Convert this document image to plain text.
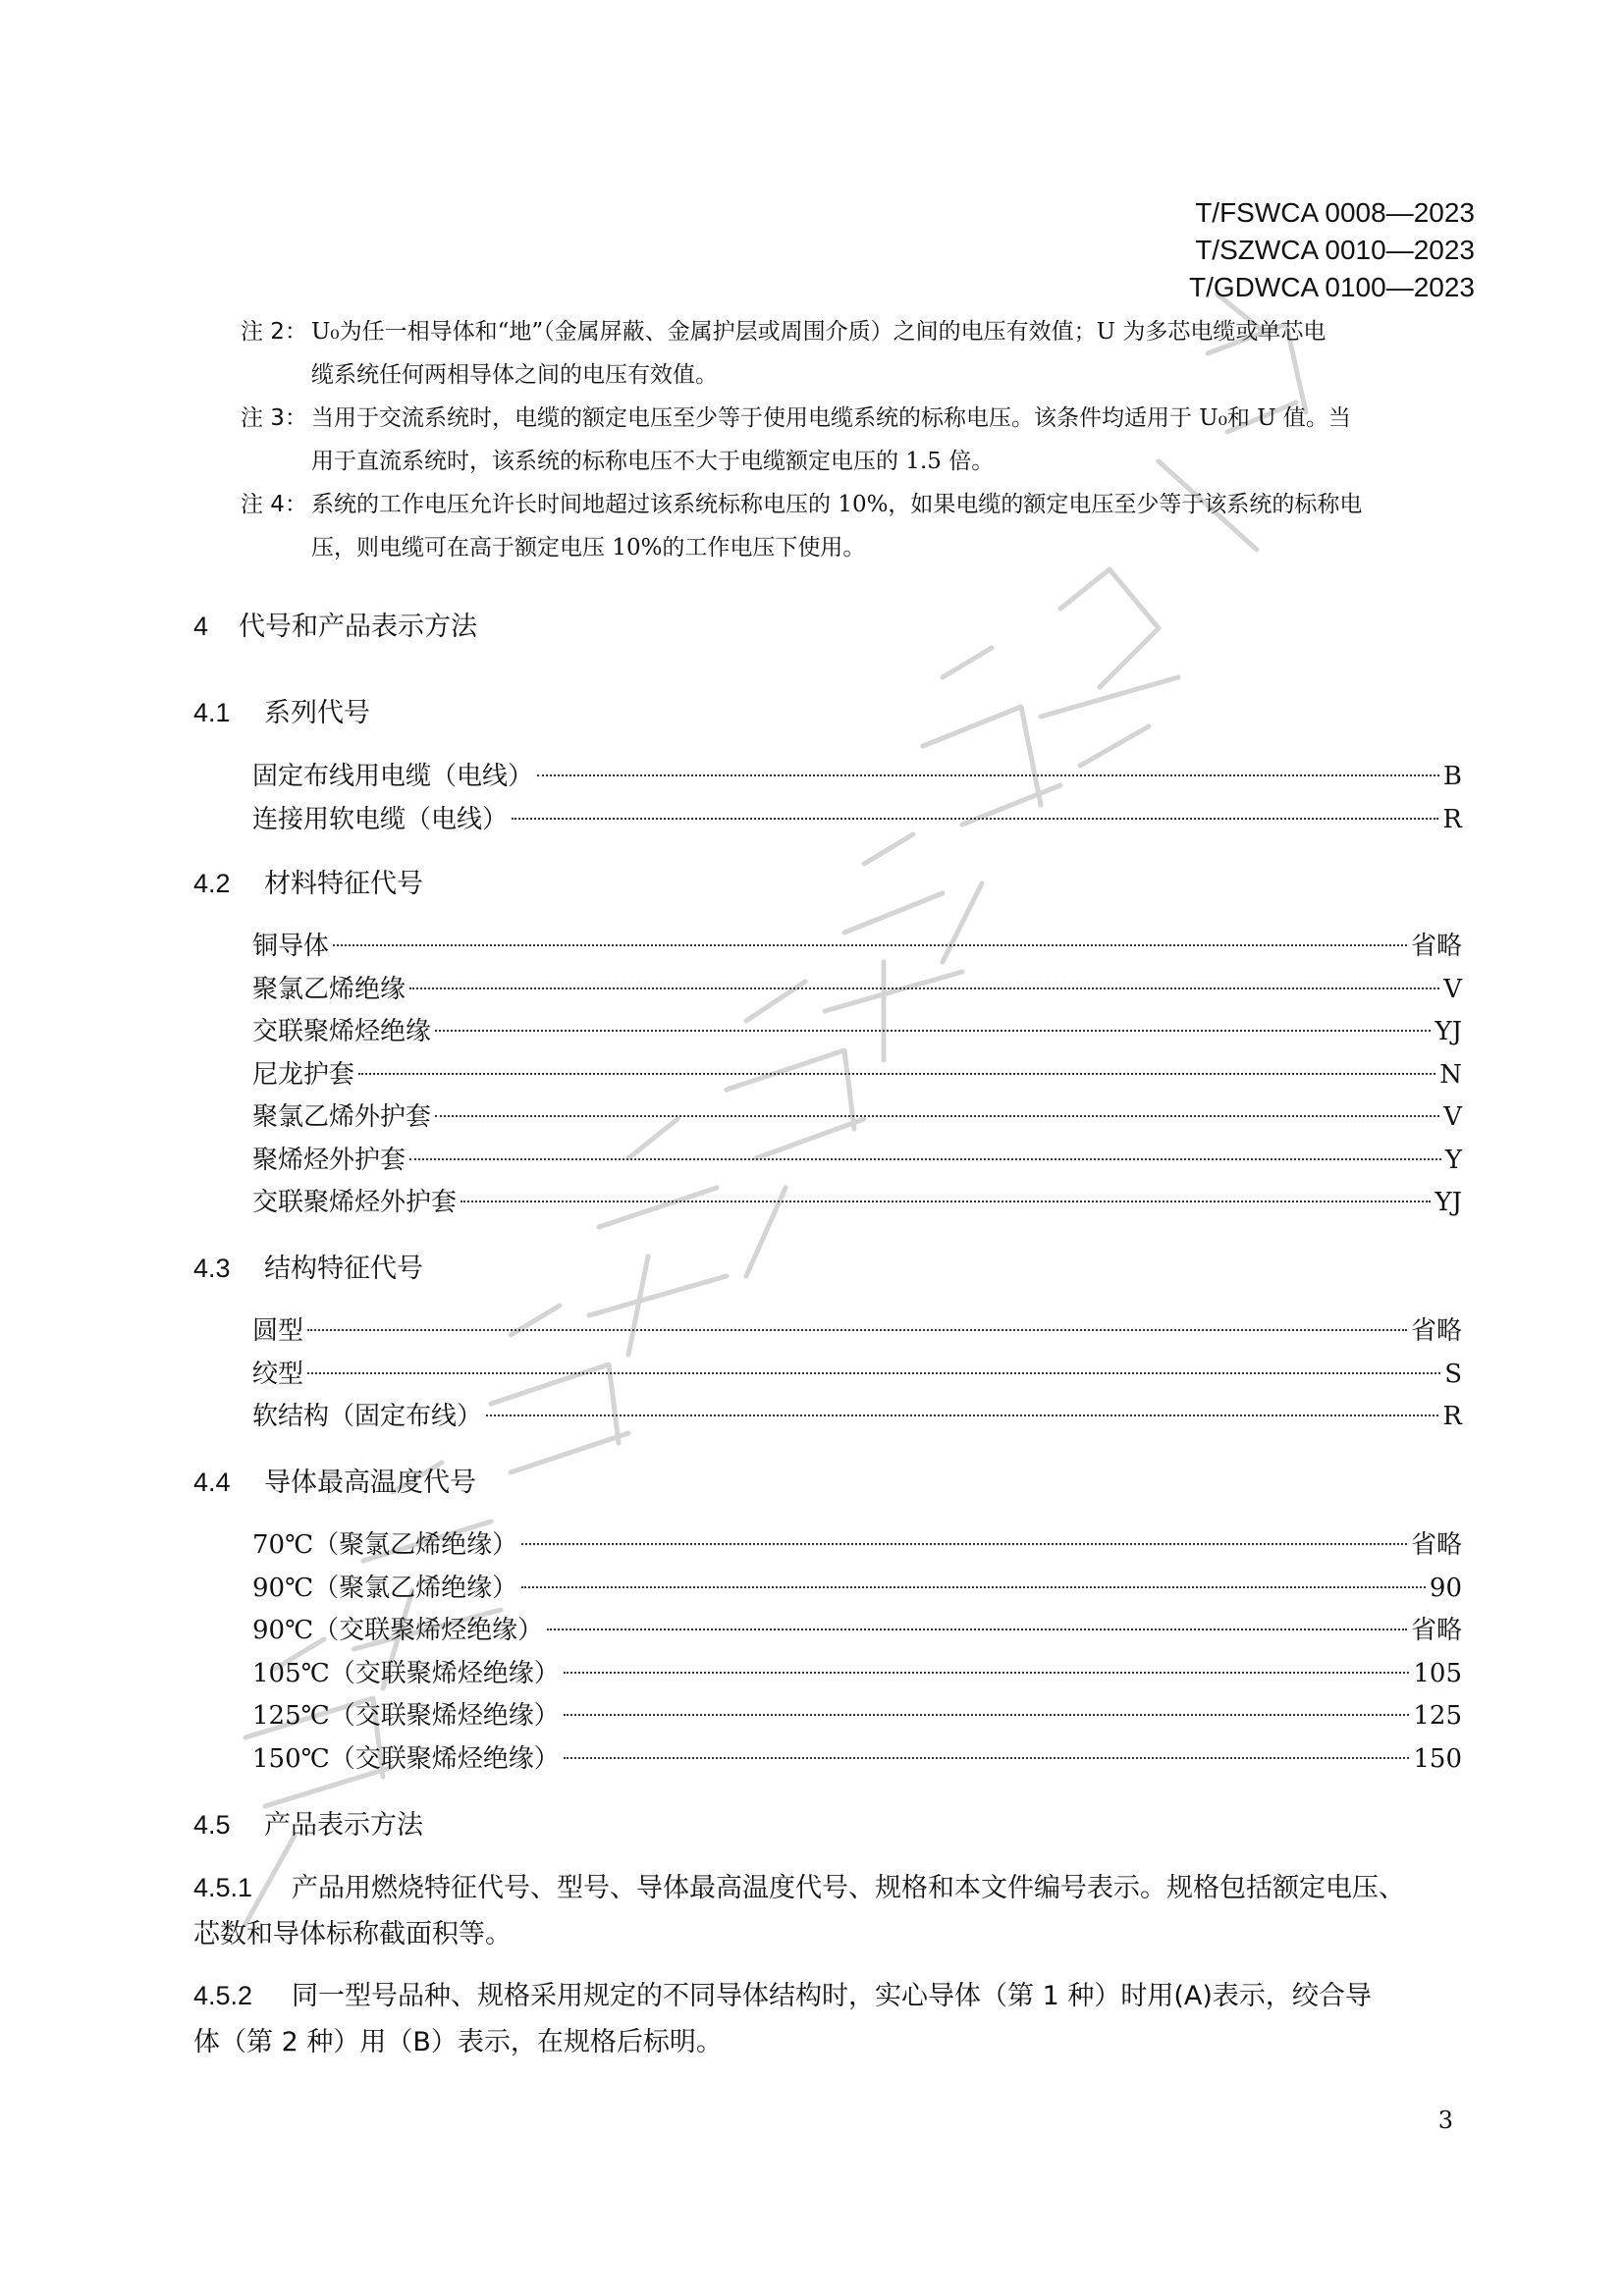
T/FSWCA 0008—2023
T/SZWCA 0010—2023
T/GDWCA 0100—2023
注 2： U₀为任一相导体和“地”（金属屏蔽、金属护层或周围介质）之间的电压有效值；U 为多芯电缆或单芯电
缆系统任何两相导体之间的电压有效值。
注 3： 当用于交流系统时，电缆的额定电压至少等于使用电缆系统的标称电压。该条件均适用于 U₀和 U 值。当
用于直流系统时，该系统的标称电压不大于电缆额定电压的 1.5 倍。
注 4： 系统的工作电压允许长时间地超过该系统标称电压的 10%，如果电缆的额定电压至少等于该系统的标称电
压，则电缆可在高于额定电压 10%的工作电压下使用。
4 代号和产品表示方法
4.1 系列代号
固定布线用电缆（电线）	B
连接用软电缆（电线）	R
4.2 材料特征代号
铜导体	省略
聚氯乙烯绝缘	V
交联聚烯烃绝缘	YJ
尼龙护套	N
聚氯乙烯外护套	V
聚烯烃外护套	Y
交联聚烯烃外护套	YJ
4.3 结构特征代号
圆型	省略
绞型	S
软结构（固定布线）	R
4.4 导体最高温度代号
70℃（聚氯乙烯绝缘）	省略
90℃（聚氯乙烯绝缘）	90
90℃（交联聚烯烃绝缘）	省略
105℃（交联聚烯烃绝缘）	105
125℃（交联聚烯烃绝缘）	125
150℃（交联聚烯烃绝缘）	150
4.5 产品表示方法
4.5.1 产品用燃烧特征代号、型号、导体最高温度代号、规格和本文件编号表示。规格包括额定电压、
芯数和导体标称截面积等。
4.5.2 同一型号品种、规格采用规定的不同导体结构时，实心导体（第 1 种）时用(A)表示，绞合导
体（第 2 种）用（B）表示，在规格后标明。
3
